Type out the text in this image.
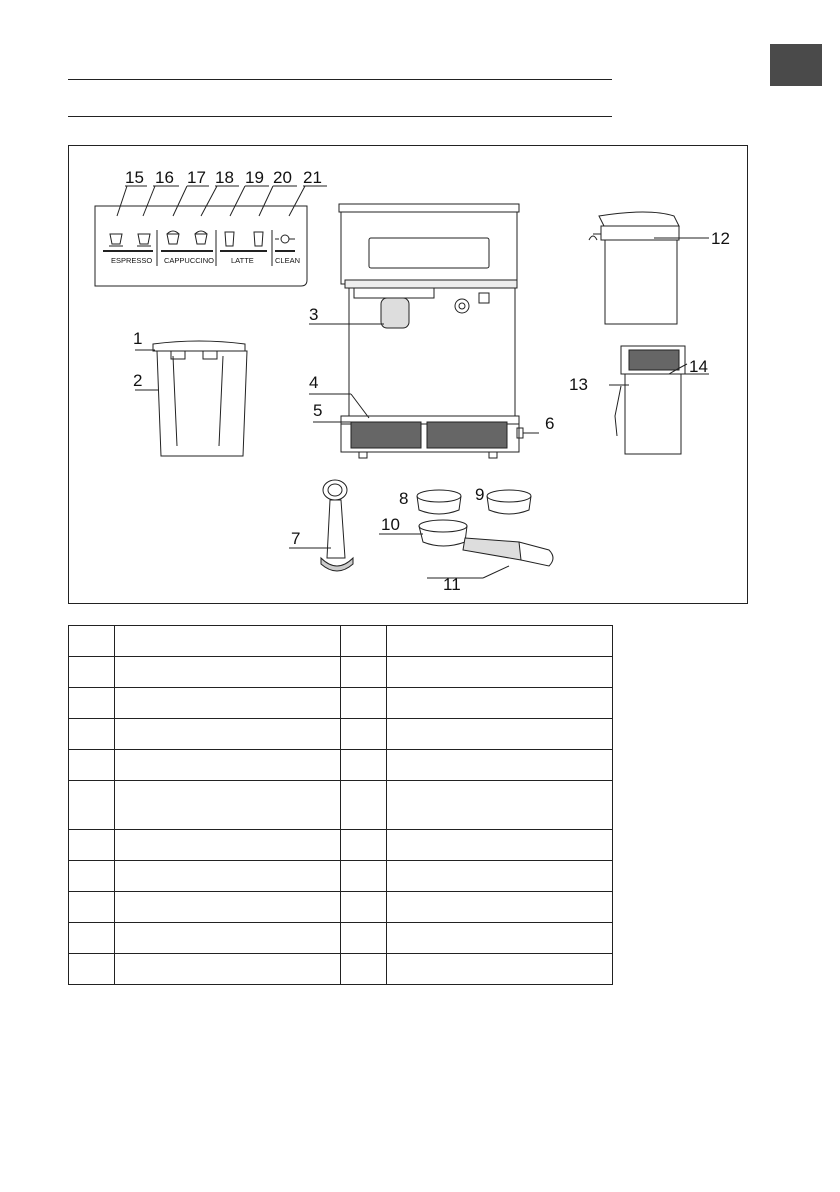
1
2
3
4
5
6
7
8	9
10
11
12
13
14
15 16 17 18 19 20 21
ESPRESSO CAPPUCCINO LATTE	CLEAN
